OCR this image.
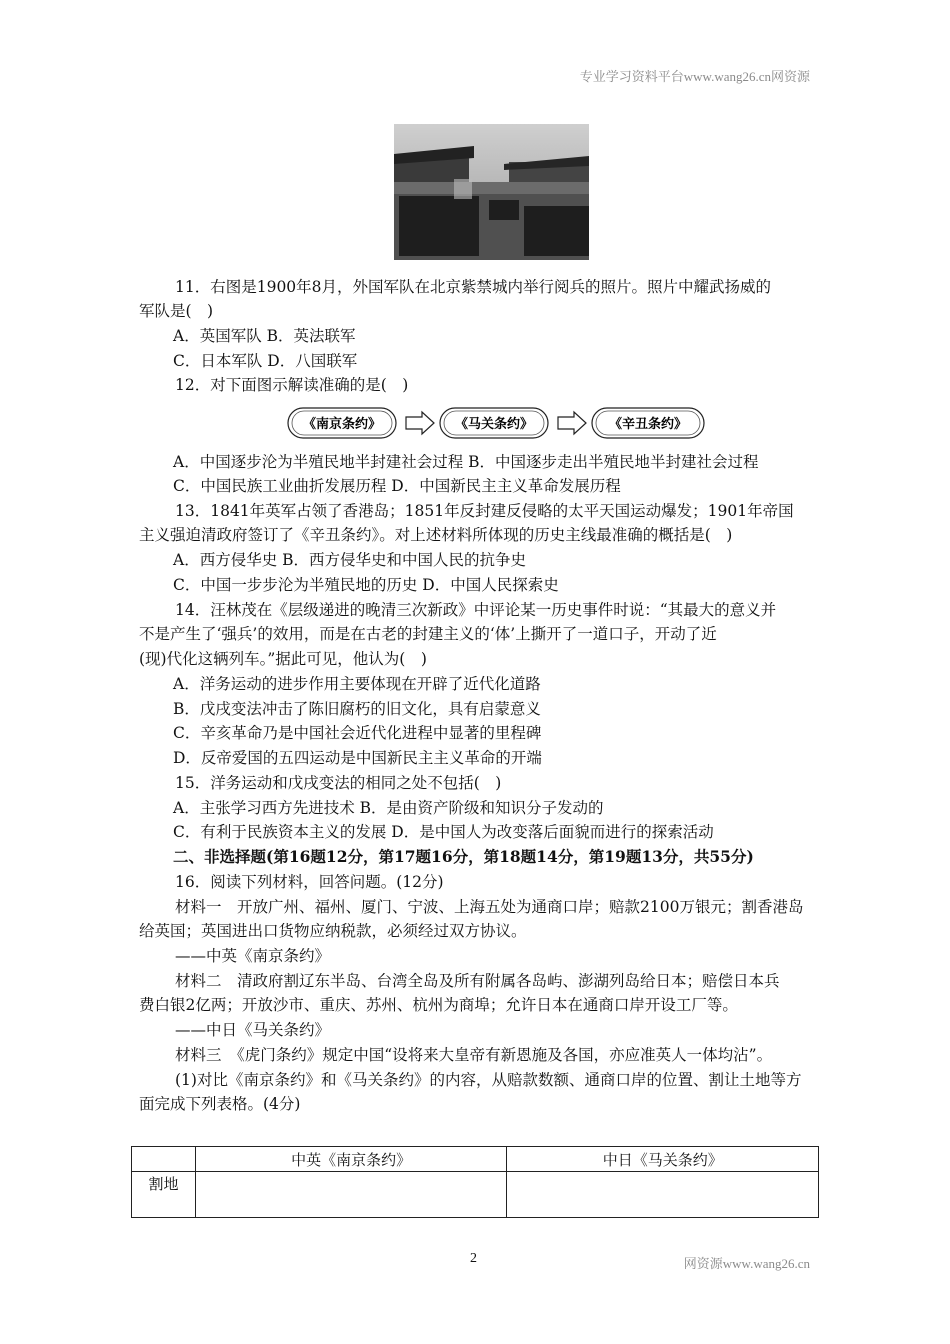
专业学习资料平台www.wang26.cn网资源
11．右图是1900年8月，外国军队在北京紫禁城内举行阅兵的照片。照片中耀武扬威的
军队是(　)
A．英国军队 B．英法联军
C．日本军队 D．八国联军
12．对下面图示解读准确的是(　)
A．中国逐步沦为半殖民地半封建社会过程 B．中国逐步走出半殖民地半封建社会过程
C．中国民族工业曲折发展历程 D．中国新民主主义革命发展历程
13．1841年英军占领了香港岛；1851年反封建反侵略的太平天国运动爆发；1901年帝国
主义强迫清政府签订了《辛丑条约》。对上述材料所体现的历史主线最准确的概括是(　)
A．西方侵华史 B．西方侵华史和中国人民的抗争史
C．中国一步步沦为半殖民地的历史 D．中国人民探索史
14．汪林茂在《层级递进的晚清三次新政》中评论某一历史事件时说：“其最大的意义并
不是产生了‘强兵’的效用，而是在古老的封建主义的‘体’上撕开了一道口子，开动了近
(现)代化这辆列车。”据此可见，他认为(　)
A．洋务运动的进步作用主要体现在开辟了近代化道路
B．戊戌变法冲击了陈旧腐朽的旧文化，具有启蒙意义
C．辛亥革命乃是中国社会近代化进程中显著的里程碑
D．反帝爱国的五四运动是中国新民主主义革命的开端
15．洋务运动和戊戌变法的相同之处不包括(　)
A．主张学习西方先进技术 B．是由资产阶级和知识分子发动的
C．有利于民族资本主义的发展 D．是中国人为改变落后面貌而进行的探索活动
二、非选择题(第16题12分，第17题16分，第18题14分，第19题13分，共55分)
16．阅读下列材料，回答问题。(12分)
材料一　开放广州、福州、厦门、宁波、上海五处为通商口岸；赔款2100万银元；割香港岛
给英国；英国进出口货物应纳税款，必须经过双方协议。
——中英《南京条约》
材料二　清政府割辽东半岛、台湾全岛及所有附属各岛屿、澎湖列岛给日本；赔偿日本兵
费白银2亿两；开放沙市、重庆、苏州、杭州为商埠；允许日本在通商口岸开设工厂等。
——中日《马关条约》
材料三　《虎门条约》规定中国“设将来大皇帝有新恩施及各国，亦应准英人一体均沾”。
(1)对比《南京条约》和《马关条约》的内容，从赔款数额、通商口岸的位置、割让土地等方
面完成下列表格。(4分)
《南京条约》	《马关条约》	《辛丑条约》
	中英《南京条约》	中日《马关条约》
割地		
2	网资源www.wang26.cn
